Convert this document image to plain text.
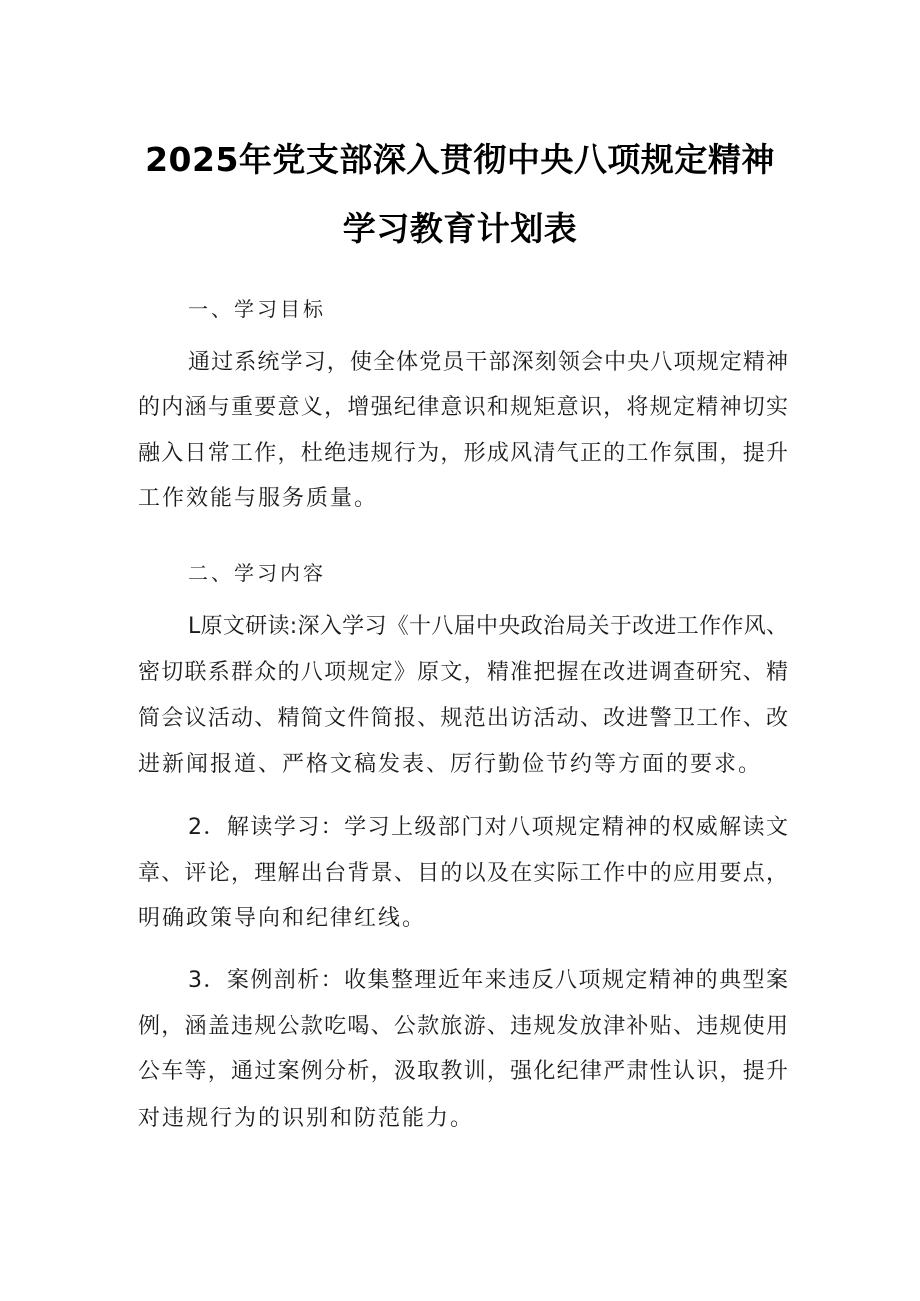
2025年党支部深入贯彻中央八项规定精神
学习教育计划表
一、学习目标
通过系统学习，使全体党员干部深刻领会中央八项规定精神
的内涵与重要意义，增强纪律意识和规矩意识，将规定精神切实
融入日常工作，杜绝违规行为，形成风清气正的工作氛围，提升
工作效能与服务质量。
二、学习内容
L原文研读:深入学习《十八届中央政治局关于改进工作作风、
密切联系群众的八项规定》原文，精准把握在改进调查研究、精
简会议活动、精简文件简报、规范出访活动、改进警卫工作、改
进新闻报道、严格文稿发表、厉行勤俭节约等方面的要求。
2．解读学习：学习上级部门对八项规定精神的权威解读文
章、评论，理解出台背景、目的以及在实际工作中的应用要点，
明确政策导向和纪律红线。
3．案例剖析：收集整理近年来违反八项规定精神的典型案
例，涵盖违规公款吃喝、公款旅游、违规发放津补贴、违规使用
公车等，通过案例分析，汲取教训，强化纪律严肃性认识，提升
对违规行为的识别和防范能力。
